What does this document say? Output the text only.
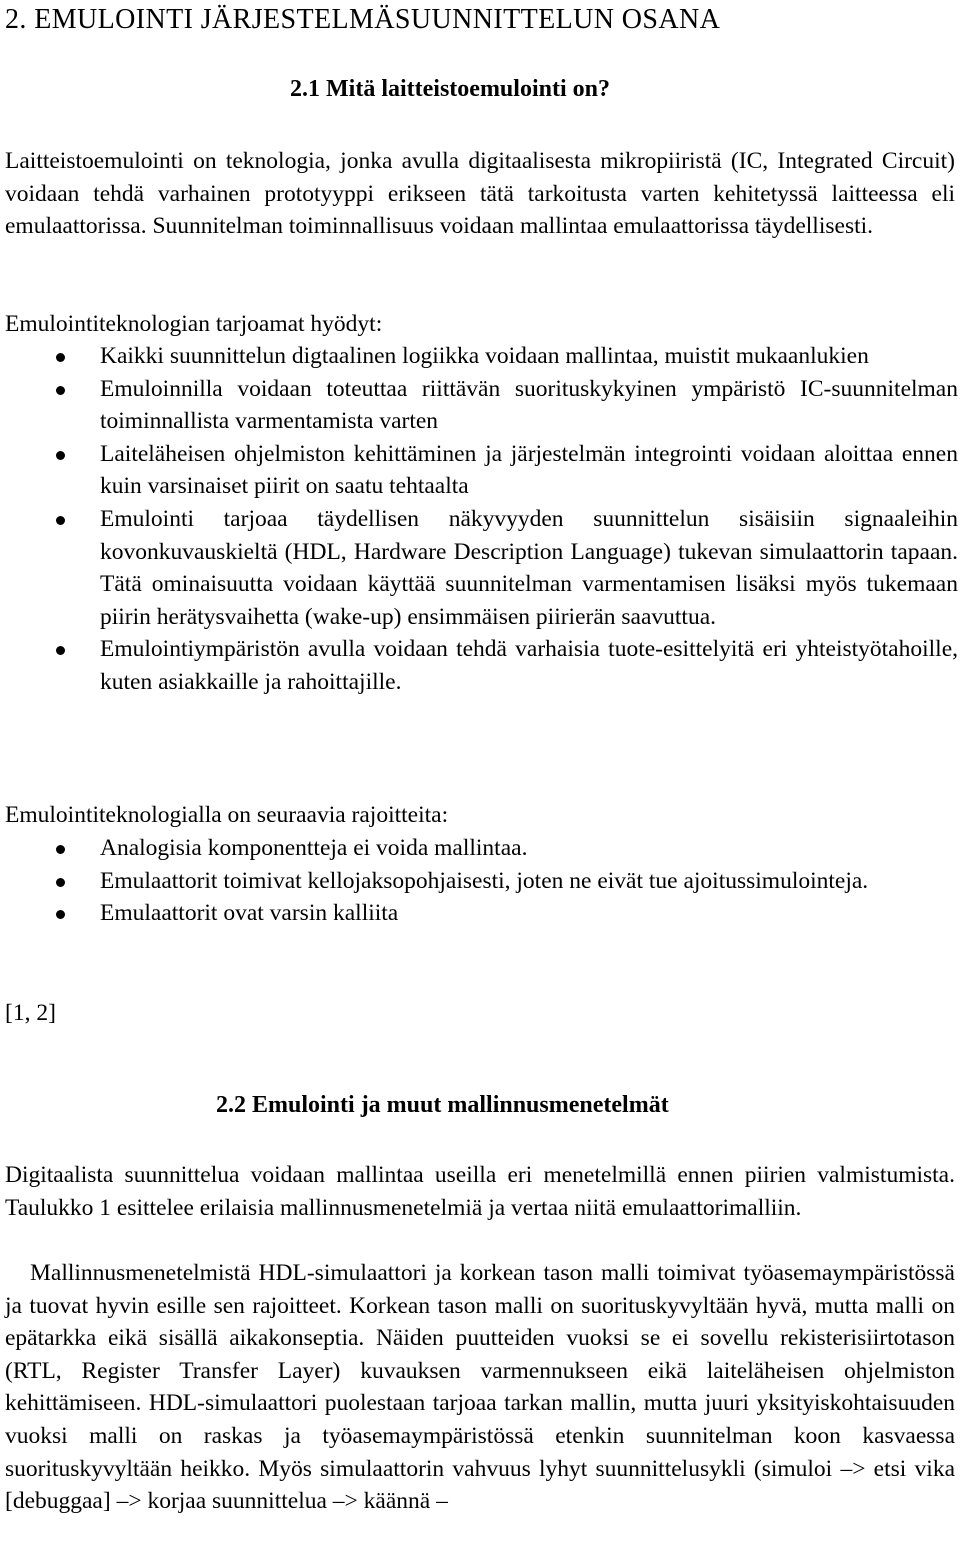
2. EMULOINTI JÄRJESTELMÄSUUNNITTELUN OSANA
2.1 Mitä laitteistoemulointi on?

Laitteistoemulointi on teknologia, jonka avulla digitaalisesta mikropiiristä (IC, Integrated Circuit) voidaan tehdä varhainen prototyyppi erikseen tätä tarkoitusta varten kehitetyssä laitteessa eli emulaattorissa. Suunnitelman toiminnallisuus voidaan mallintaa emulaattorissa täydellisesti.

Emulointiteknologian tarjoamat hyödyt:

Kaikki suunnittelun digtaalinen logiikka voidaan mallintaa, muistit mukaanlukien
Emuloinnilla voidaan toteuttaa riittävän suorituskykyinen ympäristö IC-suunnitelman toiminnallista varmentamista varten
Laiteläheisen ohjelmiston kehittäminen ja järjestelmän integrointi voidaan aloittaa ennen kuin varsinaiset piirit on saatu tehtaalta
Emulointi tarjoaa täydellisen näkyvyyden suunnittelun sisäisiin signaaleihin kovonkuvauskieltä (HDL, Hardware Description Language) tukevan simulaattorin tapaan. Tätä ominaisuutta voidaan käyttää suunnitelman varmentamisen lisäksi myös tukemaan piirin herätysvaihetta (wake-up) ensimmäisen piirierän saavuttua.
Emulointiympäristön avulla voidaan tehdä varhaisia tuote-esittelyitä eri yhteistyötahoille, kuten asiakkaille ja rahoittajille.

Emulointiteknologialla on seuraavia rajoitteita:

Analogisia komponentteja ei voida mallintaa.
Emulaattorit toimivat kellojaksopohjaisesti, joten ne eivät tue ajoitussimulointeja.
Emulaattorit ovat varsin kalliita
[1, 2]
2.2 Emulointi ja muut mallinnusmenetelmät

Digitaalista suunnittelua voidaan mallintaa useilla eri menetelmillä ennen piirien valmistumista. Taulukko 1 esittelee erilaisia mallinnusmenetelmiä ja vertaa niitä emulaattorimalliin.

Mallinnusmenetelmistä HDL-simulaattori ja korkean tason malli toimivat työasemaympäristössä ja tuovat hyvin esille sen rajoitteet. Korkean tason malli on suorituskyvyltään hyvä, mutta malli on epätarkka eikä sisällä aikakonseptia. Näiden puutteiden vuoksi se ei sovellu rekisterisiirtotason (RTL, Register Transfer Layer) kuvauksen varmennukseen eikä laiteläheisen ohjelmiston kehittämiseen. HDL-simulaattori puolestaan tarjoaa tarkan mallin, mutta juuri yksityiskohtaisuuden vuoksi malli on raskas ja työasemaympäristössä etenkin suunnitelman koon kasvaessa suorituskyvyltään heikko. Myös simulaattorin vahvuus lyhyt suunnittelusykli (simuloi –> etsi vika [debuggaa] –> korjaa suunnittelua –> käännä –
